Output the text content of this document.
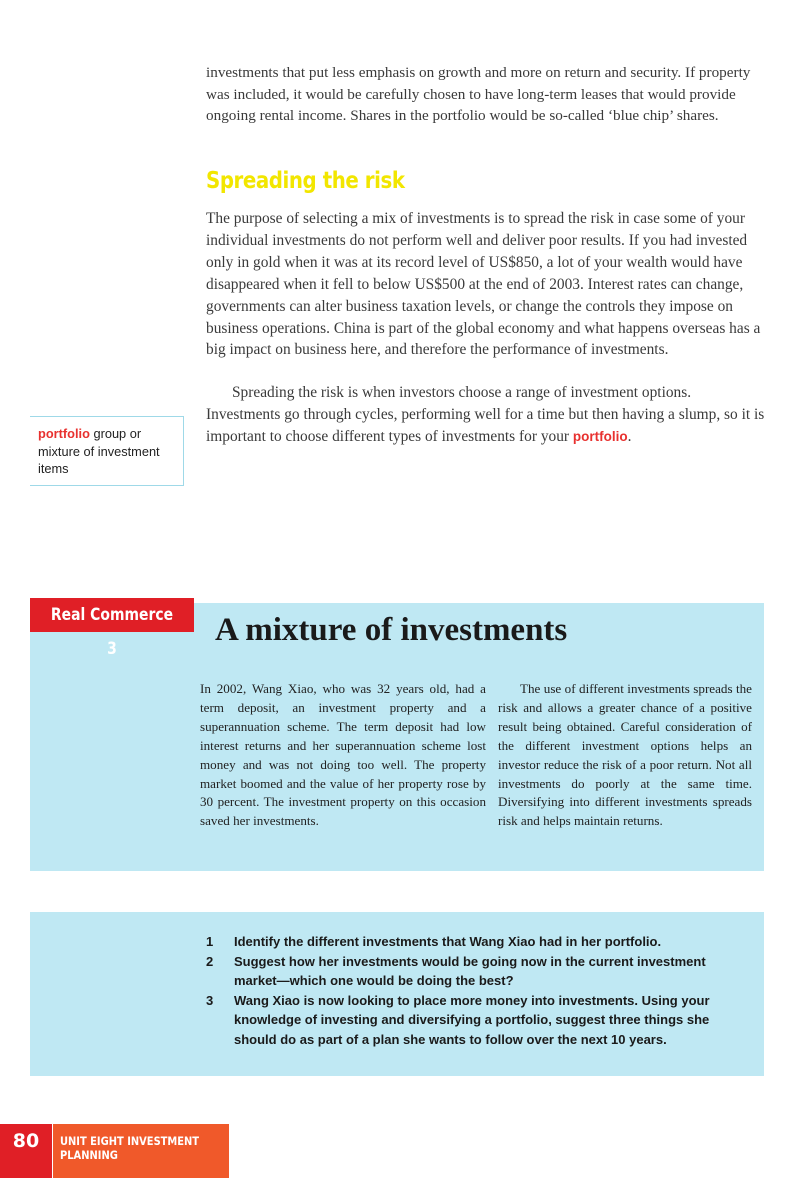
investments that put less emphasis on growth and more on return and security. If property was included, it would be carefully chosen to have long-term leases that would provide ongoing rental income. Shares in the portfolio would be so-called ‘blue chip’ shares.

Spreading the risk

The purpose of selecting a mix of investments is to spread the risk in case some of your individual investments do not perform well and deliver poor results. If you had invested only in gold when it was at its record level of US$850, a lot of your wealth would have disappeared when it fell to below US$500 at the end of 2003. Interest rates can change, governments can alter business taxation levels, or change the controls they impose on business operations. China is part of the global economy and what happens overseas has a big impact on business here, and therefore the performance of investments.

Spreading the risk is when investors choose a range of investment options. Investments go through cycles, performing well for a time but then having a slump, so it is important to choose different types of investments for your portfolio.

portfolio group or mixture of investment items
Real Commerce 3
A mixture of investments

In 2002, Wang Xiao, who was 32 years old, had a term deposit, an investment property and a superannuation scheme. The term deposit had low interest returns and her superannuation scheme lost money and was not doing too well. The property market boomed and the value of her property rose by 30 percent. The investment property on this occasion saved her investments.

The use of different investments spreads the risk and allows a greater chance of a positive result being obtained. Careful consideration of the different investment options helps an investor reduce the risk of a poor return. Not all investments do poorly at the same time. Diversifying into different investments spreads risk and helps maintain returns.

1 Identify the different investments that Wang Xiao had in her portfolio.
2 Suggest how her investments would be going now in the current investment market—which one would be doing the best?
3 Wang Xiao is now looking to place more money into investments. Using your knowledge of investing and diversifying a portfolio, suggest three things she should do as part of a plan she wants to follow over the next 10 years.
80	UNIT EIGHT INVESTMENT
PLANNING
